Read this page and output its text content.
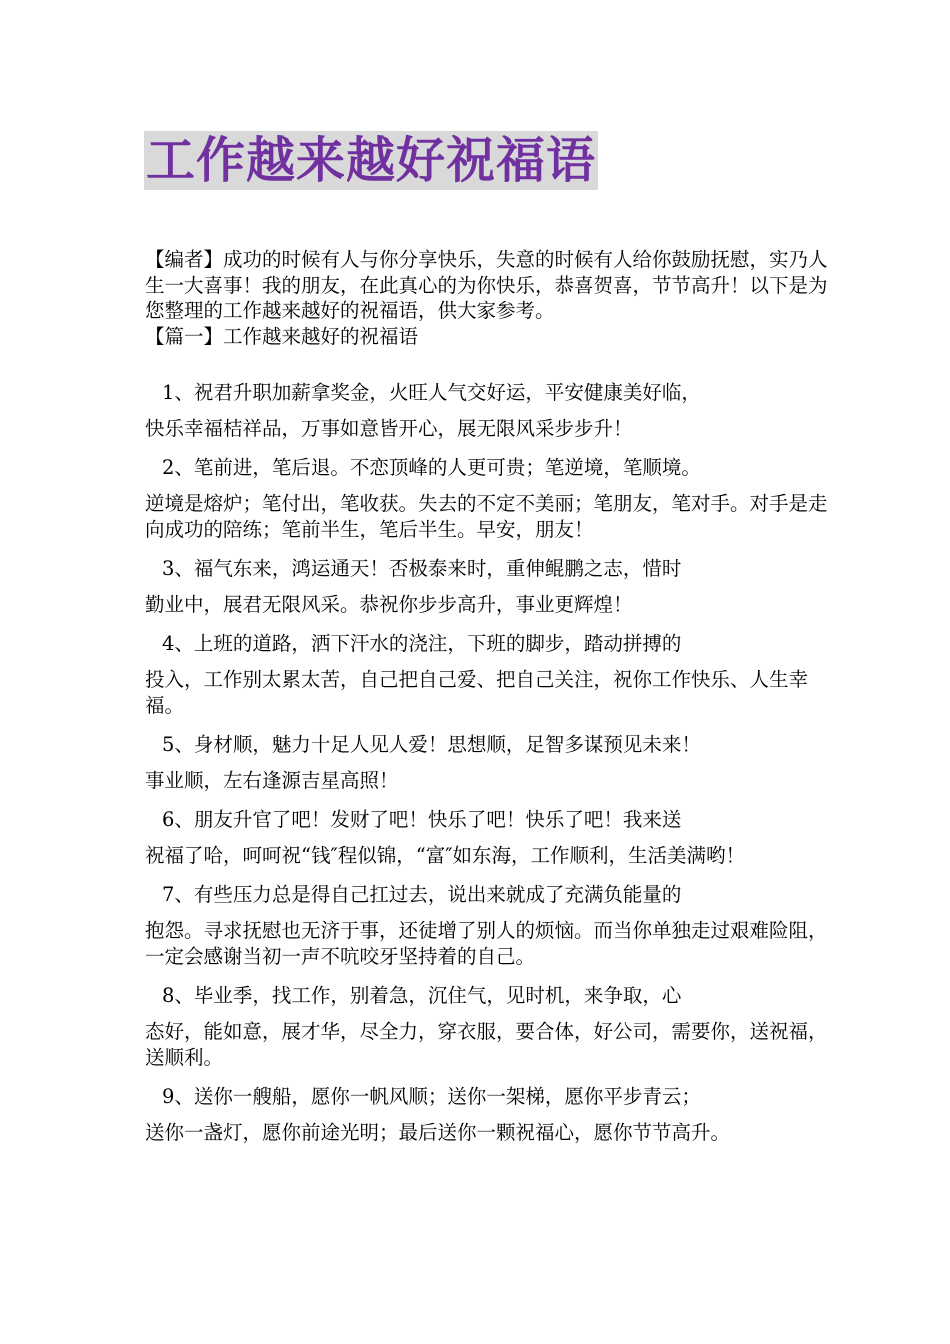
工作越来越好祝福语

【编者】成功的时候有人与你分享快乐，失意的时候有人给你鼓励抚慰，实乃人生一大喜事！我的朋友，在此真心的为你快乐，恭喜贺喜，节节高升！以下是为您整理的工作越来越好的祝福语，供大家参考。

【篇一】工作越来越好的祝福语

1、祝君升职加薪拿奖金，火旺人气交好运，平安健康美好临，
快乐幸福桔祥品，万事如意皆开心，展无限风采步步升！
2、笔前进，笔后退。不恋顶峰的人更可贵；笔逆境，笔顺境。
逆境是熔炉；笔付出，笔收获。失去的不定不美丽；笔朋友，笔对手。对手是走向成功的陪练；笔前半生，笔后半生。早安，朋友！
3、福气东来，鸿运通天！否极泰来时，重伸鲲鹏之志，惜时
勤业中，展君无限风采。恭祝你步步高升，事业更辉煌！
4、上班的道路，洒下汗水的浇注，下班的脚步，踏动拼搏的
投入，工作别太累太苦，自己把自己爱、把自己关注，祝你工作快乐、人生幸福。
5、身材顺，魅力十足人见人爱！思想顺，足智多谋预见未来！
事业顺，左右逢源吉星高照！
6、朋友升官了吧！发财了吧！快乐了吧！快乐了吧！我来送
祝福了哈，呵呵祝“钱″程似锦，“富″如东海，工作顺利，生活美满哟！
7、有些压力总是得自己扛过去，说出来就成了充满负能量的
抱怨。寻求抚慰也无济于事，还徒增了别人的烦恼。而当你单独走过艰难险阻，一定会感谢当初一声不吭咬牙坚持着的自己。
8、毕业季，找工作，别着急，沉住气，见时机，来争取，心
态好，能如意，展才华，尽全力，穿衣服，要合体，好公司，需要你，送祝福，送顺利。
9、送你一艘船，愿你一帆风顺；送你一架梯，愿你平步青云；
送你一盏灯，愿你前途光明；最后送你一颗祝福心，愿你节节高升。
